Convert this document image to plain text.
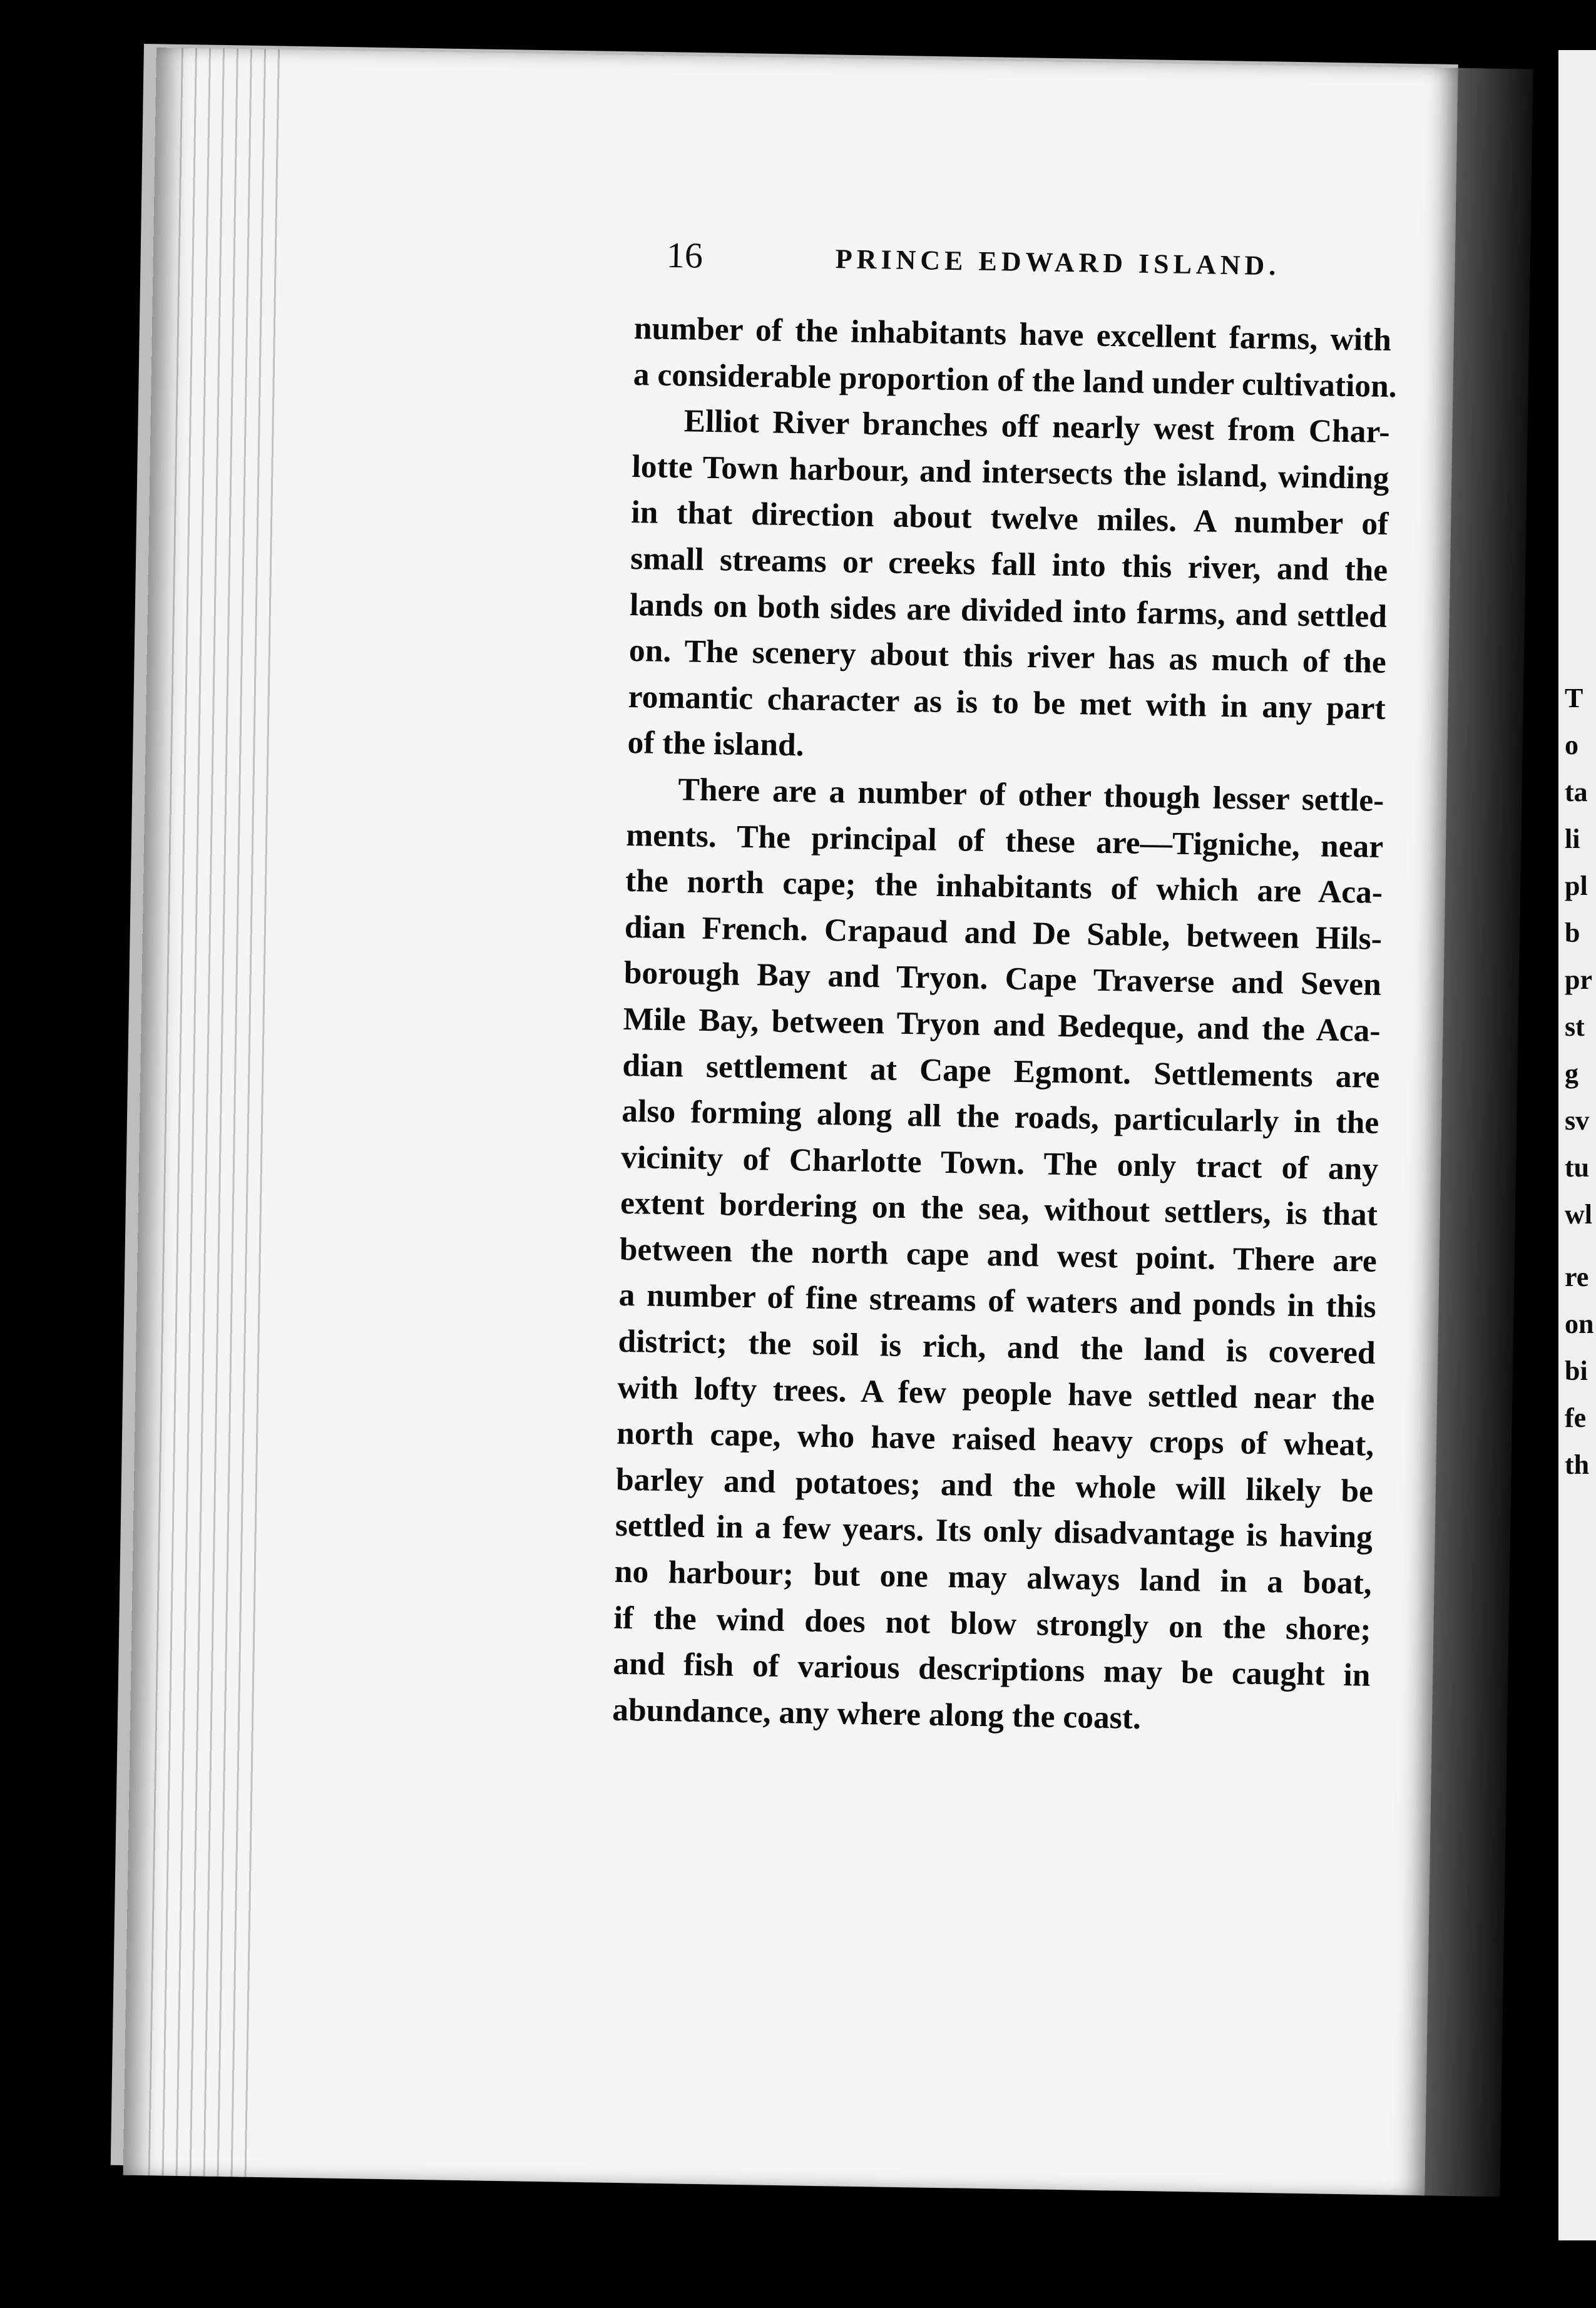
16	PRINCE EDWARD ISLAND.

number of the inhabitants have excellent farms, with
a considerable proportion of the land under cultivation.

Elliot River branches off nearly west from Char-
lotte Town harbour, and intersects the island, winding
in that direction about twelve miles. A number of
small streams or creeks fall into this river, and the
lands on both sides are divided into farms, and settled
on. The scenery about this river has as much of the
romantic character as is to be met with in any part
of the island.

There are a number of other though lesser settle-
ments. The principal of these are—Tigniche, near
the north cape; the inhabitants of which are Aca-
dian French. Crapaud and De Sable, between Hils-
borough Bay and Tryon. Cape Traverse and Seven
Mile Bay, between Tryon and Bedeque, and the Aca-
dian settlement at Cape Egmont. Settlements are
also forming along all the roads, particularly in the
vicinity of Charlotte Town. The only tract of any
extent bordering on the sea, without settlers, is that
between the north cape and west point. There are
a number of fine streams of waters and ponds in this
district; the soil is rich, and the land is covered
with lofty trees. A few people have settled near the
north cape, who have raised heavy crops of wheat,
barley and potatoes; and the whole will likely be
settled in a few years. Its only disadvantage is having
no harbour; but one may always land in a boat,
if the wind does not blow strongly on the shore;
and fish of various descriptions may be caught in
abundance, any where along the coast.

T
o
ta
li
pl
b
pr
st
g
sv
tu
wl
re
on
bi
fe
th
